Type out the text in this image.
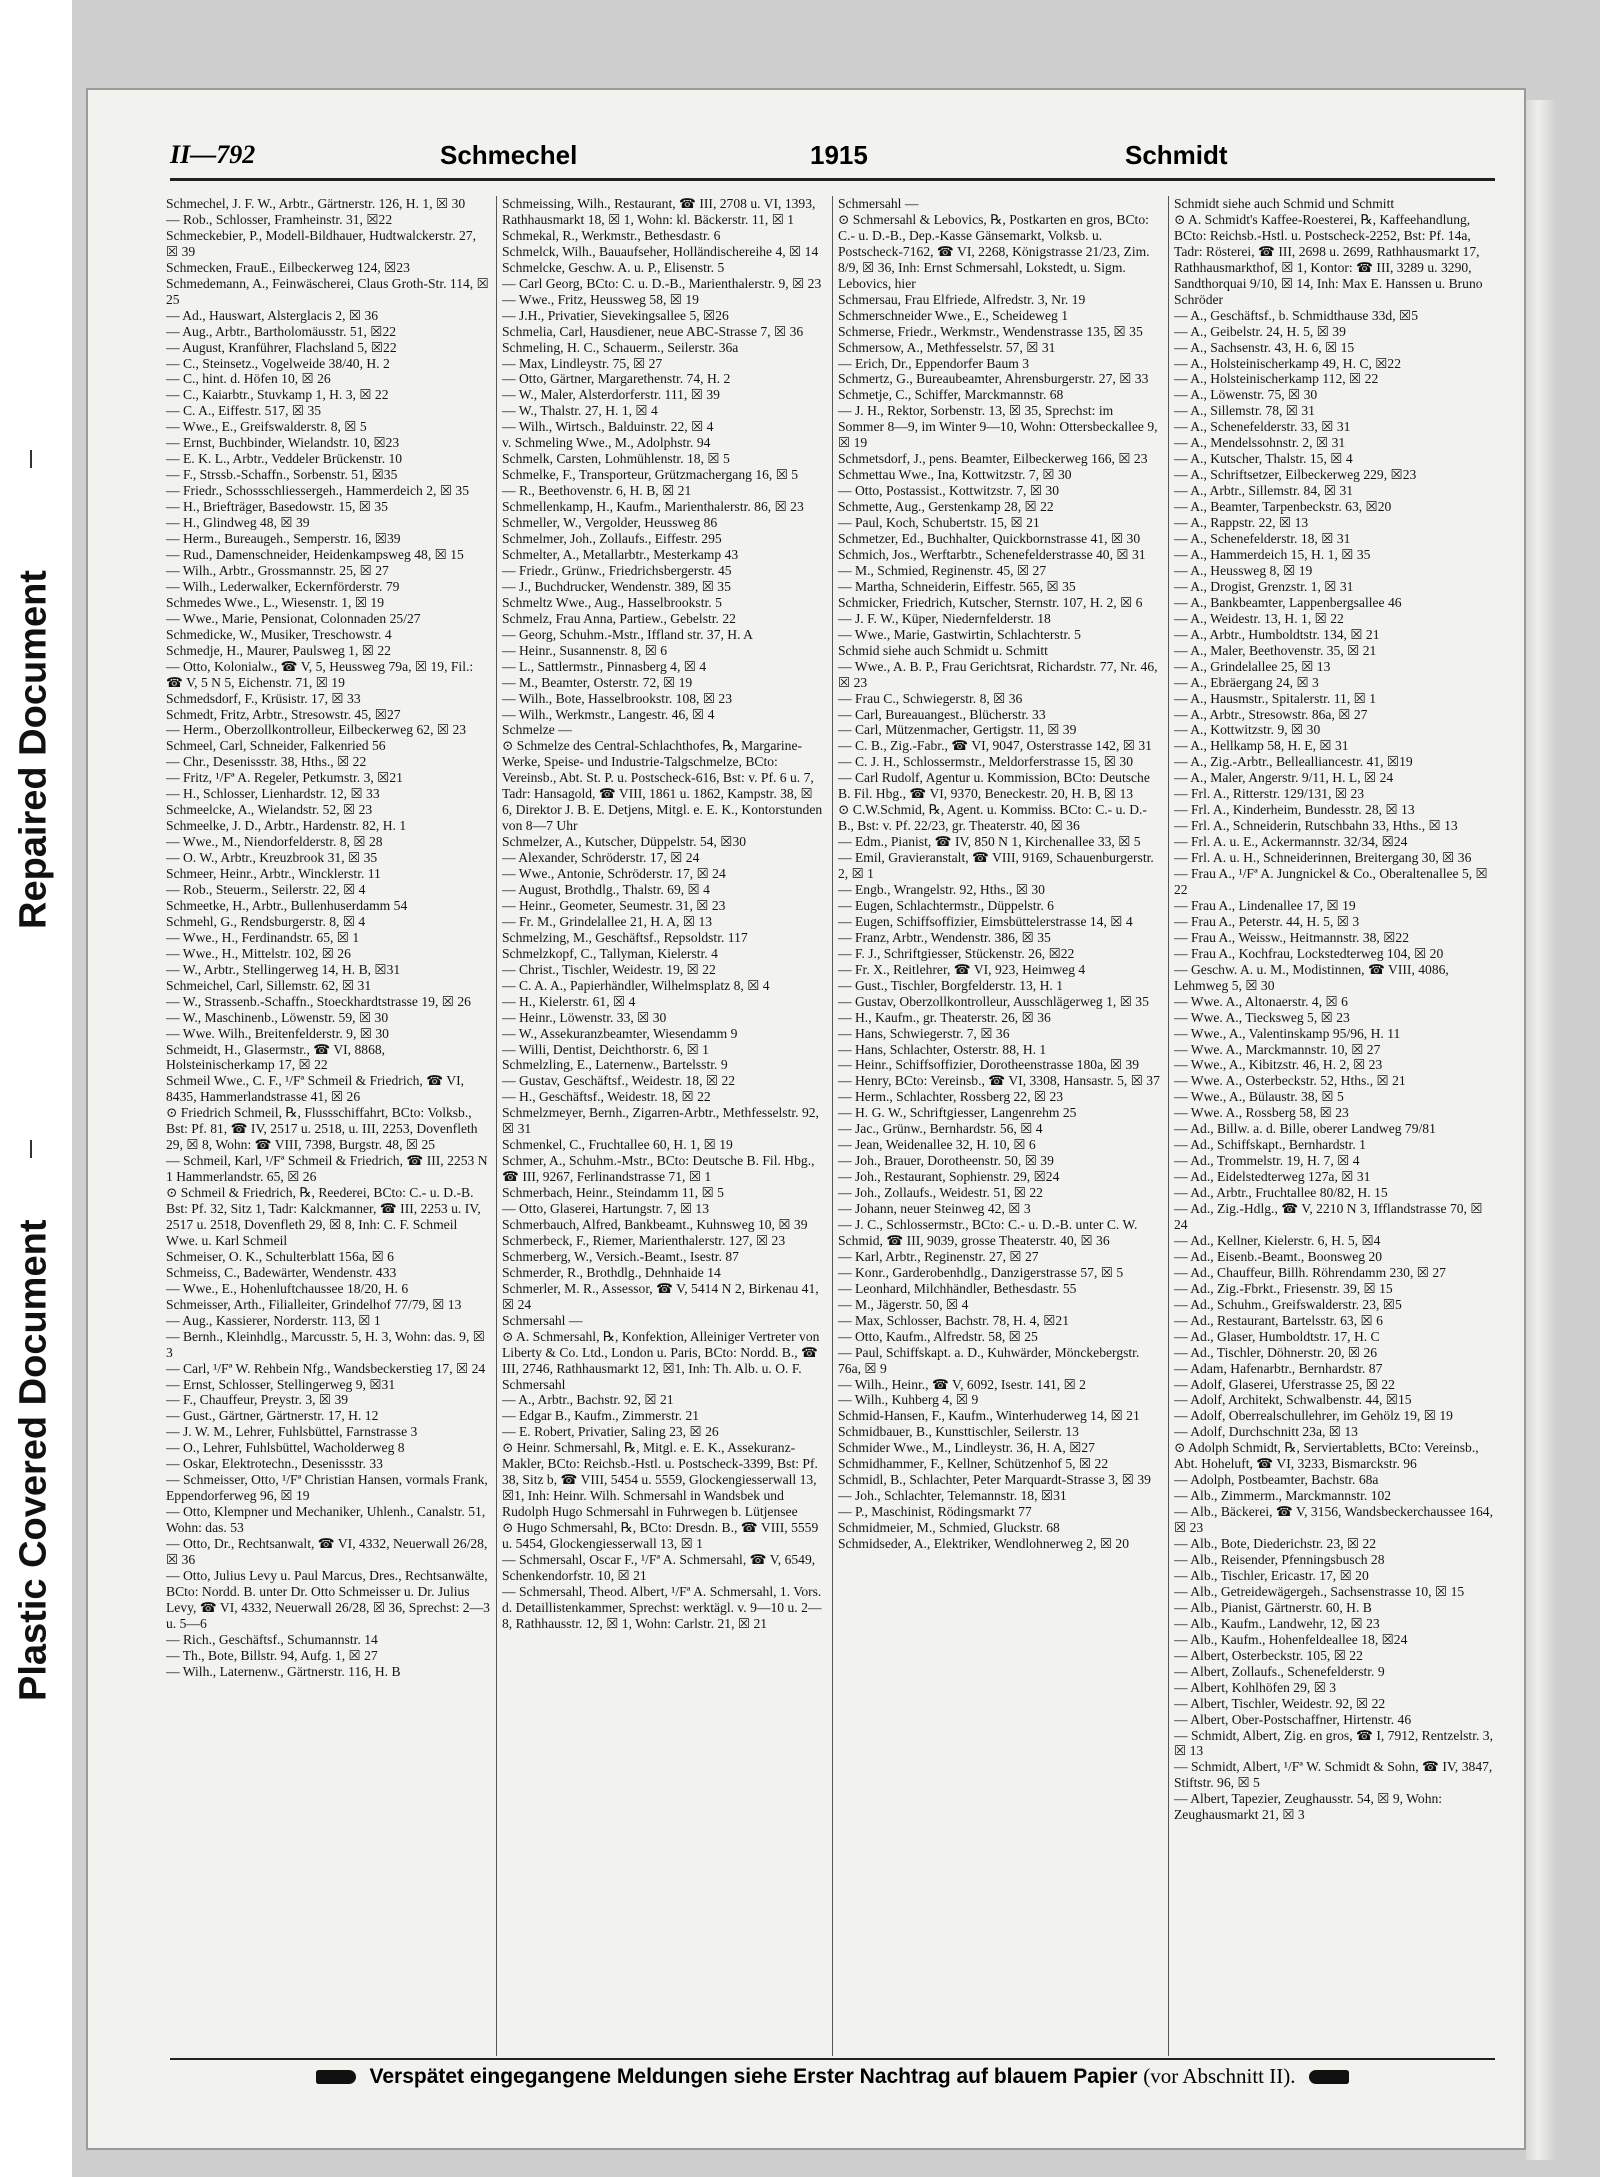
Repaired Document
Plastic Covered Document
II—792	Schmechel	1915	Schmidt

Schmechel, J. F. W., Arbtr., Gärtnerstr. 126, H. 1, ☒ 30

— Rob., Schlosser, Framheinstr. 31, ☒22

Schmeckebier, P., Modell-Bildhauer, Hudtwalckerstr. 27, ☒ 39

Schmecken, FrauE., Eilbeckerweg 124, ☒23

Schmedemann, A., Feinwäscherei, Claus Groth-Str. 114, ☒ 25

— Ad., Hauswart, Alsterglacis 2, ☒ 36

— Aug., Arbtr., Bartholomäusstr. 51, ☒22

— August, Kranführer, Flachsland 5, ☒22

— C., Steinsetz., Vogelweide 38/40, H. 2

— C., hint. d. Höfen 10, ☒ 26

— C., Kaiarbtr., Stuvkamp 1, H. 3, ☒ 22

— C. A., Eiffestr. 517, ☒ 35

— Wwe., E., Greifswalderstr. 8, ☒ 5

— Ernst, Buchbinder, Wielandstr. 10, ☒23

— E. K. L., Arbtr., Veddeler Brückenstr. 10

— F., Strssb.-Schaffn., Sorbenstr. 51, ☒35

— Friedr., Schossschliessergeh., Hammerdeich 2, ☒ 35

— H., Briefträger, Basedowstr. 15, ☒ 35

— H., Glindweg 48, ☒ 39

— Herm., Bureaugeh., Semperstr. 16, ☒39

— Rud., Damenschneider, Heidenkampsweg 48, ☒ 15

— Wilh., Arbtr., Grossmannstr. 25, ☒ 27

— Wilh., Lederwalker, Eckernförderstr. 79

Schmedes Wwe., L., Wiesenstr. 1, ☒ 19

— Wwe., Marie, Pensionat, Colonnaden 25/27

Schmedicke, W., Musiker, Treschowstr. 4

Schmedje, H., Maurer, Paulsweg 1, ☒ 22

— Otto, Kolonialw., ☎ V, 5, Heussweg 79a, ☒ 19, Fil.: ☎ V, 5 N 5, Eichenstr. 71, ☒ 19

Schmedsdorf, F., Krüsistr. 17, ☒ 33

Schmedt, Fritz, Arbtr., Stresowstr. 45, ☒27

— Herm., Oberzollkontrolleur, Eilbeckerweg 62, ☒ 23

Schmeel, Carl, Schneider, Falkenried 56

— Chr., Desenissstr. 38, Hths., ☒ 22

— Fritz, ¹/Fª A. Regeler, Petkumstr. 3, ☒21

— H., Schlosser, Lienhardstr. 12, ☒ 33

Schmeelcke, A., Wielandstr. 52, ☒ 23

Schmeelke, J. D., Arbtr., Hardenstr. 82, H. 1

— Wwe., M., Niendorfelderstr. 8, ☒ 28

— O. W., Arbtr., Kreuzbrook 31, ☒ 35

Schmeer, Heinr., Arbtr., Wincklerstr. 11

— Rob., Steuerm., Seilerstr. 22, ☒ 4

Schmeetke, H., Arbtr., Bullenhuserdamm 54

Schmehl, G., Rendsburgerstr. 8, ☒ 4

— Wwe., H., Ferdinandstr. 65, ☒ 1

— Wwe., H., Mittelstr. 102, ☒ 26

— W., Arbtr., Stellingerweg 14, H. B, ☒31

Schmeichel, Carl, Sillemstr. 62, ☒ 31

— W., Strassenb.-Schaffn., Stoeckhardtstrasse 19, ☒ 26

— W., Maschinenb., Löwenstr. 59, ☒ 30

— Wwe. Wilh., Breitenfelderstr. 9, ☒ 30

Schmeidt, H., Glasermstr., ☎ VI, 8868, Holsteinischerkamp 17, ☒ 22

Schmeil Wwe., C. F., ¹/Fª Schmeil & Friedrich, ☎ VI, 8435, Hammerlandstrasse 41, ☒ 26

⊙ Friedrich Schmeil, ℞, Flussschiffahrt, BCto: Volksb., Bst: Pf. 81, ☎ IV, 2517 u. 2518, u. III, 2253, Dovenfleth 29, ☒ 8, Wohn: ☎ VIII, 7398, Burgstr. 48, ☒ 25

— Schmeil, Karl, ¹/Fª Schmeil & Friedrich, ☎ III, 2253 N 1 Hammerlandstr. 65, ☒ 26

⊙ Schmeil & Friedrich, ℞, Reederei, BCto: C.- u. D.-B. Bst: Pf. 32, Sitz 1, Tadr: Kalckmanner, ☎ III, 2253 u. IV, 2517 u. 2518, Dovenfleth 29, ☒ 8, Inh: C. F. Schmeil Wwe. u. Karl Schmeil

Schmeiser, O. K., Schulterblatt 156a, ☒ 6

Schmeiss, C., Badewärter, Wendenstr. 433

— Wwe., E., Hohenluftchaussee 18/20, H. 6

Schmeisser, Arth., Filialleiter, Grindelhof 77/79, ☒ 13

— Aug., Kassierer, Norderstr. 113, ☒ 1

— Bernh., Kleinhdlg., Marcusstr. 5, H. 3, Wohn: das. 9, ☒ 3

— Carl, ¹/Fª W. Rehbein Nfg., Wandsbeckerstieg 17, ☒ 24

— Ernst, Schlosser, Stellingerweg 9, ☒31

— F., Chauffeur, Preystr. 3, ☒ 39

— Gust., Gärtner, Gärtnerstr. 17, H. 12

— J. W. M., Lehrer, Fuhlsbüttel, Farnstrasse 3

— O., Lehrer, Fuhlsbüttel, Wacholderweg 8

— Oskar, Elektrotechn., Desenissstr. 33

— Schmeisser, Otto, ¹/Fª Christian Hansen, vormals Frank, Eppendorferweg 96, ☒ 19

— Otto, Klempner und Mechaniker, Uhlenh., Canalstr. 51, Wohn: das. 53

— Otto, Dr., Rechtsanwalt, ☎ VI, 4332, Neuerwall 26/28, ☒ 36

— Otto, Julius Levy u. Paul Marcus, Dres., Rechtsanwälte, BCto: Nordd. B. unter Dr. Otto Schmeisser u. Dr. Julius Levy, ☎ VI, 4332, Neuerwall 26/28, ☒ 36, Sprechst: 2—3 u. 5—6

— Rich., Geschäftsf., Schumannstr. 14

— Th., Bote, Billstr. 94, Aufg. 1, ☒ 27

— Wilh., Laternenw., Gärtnerstr. 116, H. B

Schmeissing, Wilh., Restaurant, ☎ III, 2708 u. VI, 1393, Rathhausmarkt 18, ☒ 1, Wohn: kl. Bäckerstr. 11, ☒ 1

Schmekal, R., Werkmstr., Bethesdastr. 6

Schmelck, Wilh., Bauaufseher, Holländischereihe 4, ☒ 14

Schmelcke, Geschw. A. u. P., Elisenstr. 5

— Carl Georg, BCto: C. u. D.-B., Marienthalerstr. 9, ☒ 23

— Wwe., Fritz, Heussweg 58, ☒ 19

— J.H., Privatier, Sievekingsallee 5, ☒26

Schmelia, Carl, Hausdiener, neue ABC-Strasse 7, ☒ 36

Schmeling, H. C., Schauerm., Seilerstr. 36a

— Max, Lindleystr. 75, ☒ 27

— Otto, Gärtner, Margarethenstr. 74, H. 2

— W., Maler, Alsterdorferstr. 111, ☒ 39

— W., Thalstr. 27, H. 1, ☒ 4

— Wilh., Wirtsch., Balduinstr. 22, ☒ 4

v. Schmeling Wwe., M., Adolphstr. 94

Schmelk, Carsten, Lohmühlenstr. 18, ☒ 5

Schmelke, F., Transporteur, Grützmachergang 16, ☒ 5

— R., Beethovenstr. 6, H. B, ☒ 21

Schmellenkamp, H., Kaufm., Marienthalerstr. 86, ☒ 23

Schmeller, W., Vergolder, Heussweg 86

Schmelmer, Joh., Zollaufs., Eiffestr. 295

Schmelter, A., Metallarbtr., Mesterkamp 43

— Friedr., Grünw., Friedrichsbergerstr. 45

— J., Buchdrucker, Wendenstr. 389, ☒ 35

Schmeltz Wwe., Aug., Hasselbrookstr. 5

Schmelz, Frau Anna, Partiew., Gebelstr. 22

— Georg, Schuhm.-Mstr., Iffland str. 37, H. A

— Heinr., Susannenstr. 8, ☒ 6

— L., Sattlermstr., Pinnasberg 4, ☒ 4

— M., Beamter, Osterstr. 72, ☒ 19

— Wilh., Bote, Hasselbrookstr. 108, ☒ 23

— Wilh., Werkmstr., Langestr. 46, ☒ 4

Schmelze —

⊙ Schmelze des Central-Schlachthofes, ℞, Margarine-Werke, Speise- und Industrie-Talgschmelze, BCto: Vereinsb., Abt. St. P. u. Postscheck-616, Bst: v. Pf. 6 u. 7, Tadr: Hansagold, ☎ VIII, 1861 u. 1862, Kampstr. 38, ☒ 6, Direktor J. B. E. Detjens, Mitgl. e. E. K., Kontorstunden von 8—7 Uhr

Schmelzer, A., Kutscher, Düppelstr. 54, ☒30

— Alexander, Schröderstr. 17, ☒ 24

— Wwe., Antonie, Schröderstr. 17, ☒ 24

— August, Brothdlg., Thalstr. 69, ☒ 4

— Heinr., Geometer, Seumestr. 31, ☒ 23

— Fr. M., Grindelallee 21, H. A, ☒ 13

Schmelzing, M., Geschäftsf., Repsoldstr. 117

Schmelzkopf, C., Tallyman, Kielerstr. 4

— Christ., Tischler, Weidestr. 19, ☒ 22

— C. A. A., Papierhändler, Wilhelmsplatz 8, ☒ 4

— H., Kielerstr. 61, ☒ 4

— Heinr., Löwenstr. 33, ☒ 30

— W., Assekuranzbeamter, Wiesendamm 9

— Willi, Dentist, Deichthorstr. 6, ☒ 1

Schmelzling, E., Laternenw., Bartelsstr. 9

— Gustav, Geschäftsf., Weidestr. 18, ☒ 22

— H., Geschäftsf., Weidestr. 18, ☒ 22

Schmelzmeyer, Bernh., Zigarren-Arbtr., Methfesselstr. 92, ☒ 31

Schmenkel, C., Fruchtallee 60, H. 1, ☒ 19

Schmer, A., Schuhm.-Mstr., BCto: Deutsche B. Fil. Hbg., ☎ III, 9267, Ferlinandstrasse 71, ☒ 1

Schmerbach, Heinr., Steindamm 11, ☒ 5

— Otto, Glaserei, Hartungstr. 7, ☒ 13

Schmerbauch, Alfred, Bankbeamt., Kuhnsweg 10, ☒ 39

Schmerbeck, F., Riemer, Marienthalerstr. 127, ☒ 23

Schmerberg, W., Versich.-Beamt., Isestr. 87

Schmerder, R., Brothdlg., Dehnhaide 14

Schmerler, M. R., Assessor, ☎ V, 5414 N 2, Birkenau 41, ☒ 24

Schmersahl —

⊙ A. Schmersahl, ℞, Konfektion, Alleiniger Vertreter von Liberty & Co. Ltd., London u. Paris, BCto: Nordd. B., ☎ III, 2746, Rathhausmarkt 12, ☒1, Inh: Th. Alb. u. O. F. Schmersahl

— A., Arbtr., Bachstr. 92, ☒ 21

— Edgar B., Kaufm., Zimmerstr. 21

— E. Robert, Privatier, Saling 23, ☒ 26

⊙ Heinr. Schmersahl, ℞, Mitgl. e. E. K., Assekuranz-Makler, BCto: Reichsb.-Hstl. u. Postscheck-3399, Bst: Pf. 38, Sitz b, ☎ VIII, 5454 u. 5559, Glockengiesserwall 13, ☒1, Inh: Heinr. Wilh. Schmersahl in Wandsbek und Rudolph Hugo Schmersahl in Fuhrwegen b. Lütjensee

⊙ Hugo Schmersahl, ℞, BCto: Dresdn. B., ☎ VIII, 5559 u. 5454, Glockengiesserwall 13, ☒ 1

— Schmersahl, Oscar F., ¹/Fª A. Schmersahl, ☎ V, 6549, Schenkendorfstr. 10, ☒ 21

— Schmersahl, Theod. Albert, ¹/Fª A. Schmersahl, 1. Vors. d. Detaillistenkammer, Sprechst: werktägl. v. 9—10 u. 2—8, Rathhausstr. 12, ☒ 1, Wohn: Carlstr. 21, ☒ 21

Schmersahl —

⊙ Schmersahl & Lebovics, ℞, Postkarten en gros, BCto: C.- u. D.-B., Dep.-Kasse Gänsemarkt, Volksb. u. Postscheck-7162, ☎ VI, 2268, Königstrasse 21/23, Zim. 8/9, ☒ 36, Inh: Ernst Schmersahl, Lokstedt, u. Sigm. Lebovics, hier

Schmersau, Frau Elfriede, Alfredstr. 3, Nr. 19

Schmerschneider Wwe., E., Scheideweg 1

Schmerse, Friedr., Werkmstr., Wendenstrasse 135, ☒ 35

Schmersow, A., Methfesselstr. 57, ☒ 31

— Erich, Dr., Eppendorfer Baum 3

Schmertz, G., Bureaubeamter, Ahrensburgerstr. 27, ☒ 33

Schmetje, C., Schiffer, Marckmannstr. 68

— J. H., Rektor, Sorbenstr. 13, ☒ 35, Sprechst: im Sommer 8—9, im Winter 9—10, Wohn: Ottersbeckallee 9, ☒ 19

Schmetsdorf, J., pens. Beamter, Eilbeckerweg 166, ☒ 23

Schmettau Wwe., Ina, Kottwitzstr. 7, ☒ 30

— Otto, Postassist., Kottwitzstr. 7, ☒ 30

Schmette, Aug., Gerstenkamp 28, ☒ 22

— Paul, Koch, Schubertstr. 15, ☒ 21

Schmetzer, Ed., Buchhalter, Quickbornstrasse 41, ☒ 30

Schmich, Jos., Werftarbtr., Schenefelderstrasse 40, ☒ 31

— M., Schmied, Reginenstr. 45, ☒ 27

— Martha, Schneiderin, Eiffestr. 565, ☒ 35

Schmicker, Friedrich, Kutscher, Sternstr. 107, H. 2, ☒ 6

— J. F. W., Küper, Niedernfelderstr. 18

— Wwe., Marie, Gastwirtin, Schlachterstr. 5

Schmid siehe auch Schmidt u. Schmitt

— Wwe., A. B. P., Frau Gerichtsrat, Richardstr. 77, Nr. 46, ☒ 23

— Frau C., Schwiegerstr. 8, ☒ 36

— Carl, Bureauangest., Blücherstr. 33

— Carl, Mützenmacher, Gertigstr. 11, ☒ 39

— C. B., Zig.-Fabr., ☎ VI, 9047, Osterstrasse 142, ☒ 31

— C. J. H., Schlossermstr., Meldorferstrasse 15, ☒ 30

— Carl Rudolf, Agentur u. Kommission, BCto: Deutsche B. Fil. Hbg., ☎ VI, 9370, Beneckestr. 20, H. B, ☒ 13

⊙ C.W.Schmid, ℞, Agent. u. Kommiss. BCto: C.- u. D.-B., Bst: v. Pf. 22/23, gr. Theaterstr. 40, ☒ 36

— Edm., Pianist, ☎ IV, 850 N 1, Kirchenallee 33, ☒ 5

— Emil, Gravieranstalt, ☎ VIII, 9169, Schauenburgerstr. 2, ☒ 1

— Engb., Wrangelstr. 92, Hths., ☒ 30

— Eugen, Schlachtermstr., Düppelstr. 6

— Eugen, Schiffsoffizier, Eimsbüttelerstrasse 14, ☒ 4

— Franz, Arbtr., Wendenstr. 386, ☒ 35

— F. J., Schriftgiesser, Stückenstr. 26, ☒22

— Fr. X., Reitlehrer, ☎ VI, 923, Heimweg 4

— Gust., Tischler, Borgfelderstr. 13, H. 1

— Gustav, Oberzollkontrolleur, Ausschlägerweg 1, ☒ 35

— H., Kaufm., gr. Theaterstr. 26, ☒ 36

— Hans, Schwiegerstr. 7, ☒ 36

— Hans, Schlachter, Osterstr. 88, H. 1

— Heinr., Schiffsoffizier, Dorotheenstrasse 180a, ☒ 39

— Henry, BCto: Vereinsb., ☎ VI, 3308, Hansastr. 5, ☒ 37

— Herm., Schlachter, Rossberg 22, ☒ 23

— H. G. W., Schriftgiesser, Langenrehm 25

— Jac., Grünw., Bernhardstr. 56, ☒ 4

— Jean, Weidenallee 32, H. 10, ☒ 6

— Joh., Brauer, Dorotheenstr. 50, ☒ 39

— Joh., Restaurant, Sophienstr. 29, ☒24

— Joh., Zollaufs., Weidestr. 51, ☒ 22

— Johann, neuer Steinweg 42, ☒ 3

— J. C., Schlossermstr., BCto: C.- u. D.-B. unter C. W. Schmid, ☎ III, 9039, grosse Theaterstr. 40, ☒ 36

— Karl, Arbtr., Reginenstr. 27, ☒ 27

— Konr., Garderobenhdlg., Danzigerstrasse 57, ☒ 5

— Leonhard, Milchhändler, Bethesdastr. 55

— M., Jägerstr. 50, ☒ 4

— Max, Schlosser, Bachstr. 78, H. 4, ☒21

— Otto, Kaufm., Alfredstr. 58, ☒ 25

— Paul, Schiffskapt. a. D., Kuhwärder, Mönckebergstr. 76a, ☒ 9

— Wilh., Heinr., ☎ V, 6092, Isestr. 141, ☒ 2

— Wilh., Kuhberg 4, ☒ 9

Schmid-Hansen, F., Kaufm., Winterhuderweg 14, ☒ 21

Schmidbauer, B., Kunsttischler, Seilerstr. 13

Schmider Wwe., M., Lindleystr. 36, H. A, ☒27

Schmidhammer, F., Kellner, Schützenhof 5, ☒ 22

Schmidl, B., Schlachter, Peter Marquardt-Strasse 3, ☒ 39

— Joh., Schlachter, Telemannstr. 18, ☒31

— P., Maschinist, Rödingsmarkt 77

Schmidmeier, M., Schmied, Gluckstr. 68

Schmidseder, A., Elektriker, Wendlohnerweg 2, ☒ 20

Schmidt siehe auch Schmid und Schmitt

⊙ A. Schmidt's Kaffee-Roesterei, ℞, Kaffeehandlung, BCto: Reichsb.-Hstl. u. Postscheck-2252, Bst: Pf. 14a, Tadr: Rösterei, ☎ III, 2698 u. 2699, Rathhausmarkt 17, Rathhausmarkthof, ☒ 1, Kontor: ☎ III, 3289 u. 3290, Sandthorquai 9/10, ☒ 14, Inh: Max E. Hanssen u. Bruno Schröder

— A., Geschäftsf., b. Schmidthause 33d, ☒5

— A., Geibelstr. 24, H. 5, ☒ 39

— A., Sachsenstr. 43, H. 6, ☒ 15

— A., Holsteinischerkamp 49, H. C, ☒22

— A., Holsteinischerkamp 112, ☒ 22

— A., Löwenstr. 75, ☒ 30

— A., Sillemstr. 78, ☒ 31

— A., Schenefelderstr. 33, ☒ 31

— A., Mendelssohnstr. 2, ☒ 31

— A., Kutscher, Thalstr. 15, ☒ 4

— A., Schriftsetzer, Eilbeckerweg 229, ☒23

— A., Arbtr., Sillemstr. 84, ☒ 31

— A., Beamter, Tarpenbeckstr. 63, ☒20

— A., Rappstr. 22, ☒ 13

— A., Schenefelderstr. 18, ☒ 31

— A., Hammerdeich 15, H. 1, ☒ 35

— A., Heussweg 8, ☒ 19

— A., Drogist, Grenzstr. 1, ☒ 31

— A., Bankbeamter, Lappenbergsallee 46

— A., Weidestr. 13, H. 1, ☒ 22

— A., Arbtr., Humboldtstr. 134, ☒ 21

— A., Maler, Beethovenstr. 35, ☒ 21

— A., Grindelallee 25, ☒ 13

— A., Ebräergang 24, ☒ 3

— A., Hausmstr., Spitalerstr. 11, ☒ 1

— A., Arbtr., Stresowstr. 86a, ☒ 27

— A., Kottwitzstr. 9, ☒ 30

— A., Hellkamp 58, H. E, ☒ 31

— A., Zig.-Arbtr., Bellealliancestr. 41, ☒19

— A., Maler, Angerstr. 9/11, H. L, ☒ 24

— Frl. A., Ritterstr. 129/131, ☒ 23

— Frl. A., Kinderheim, Bundesstr. 28, ☒ 13

— Frl. A., Schneiderin, Rutschbahn 33, Hths., ☒ 13

— Frl. A. u. E., Ackermannstr. 32/34, ☒24

— Frl. A. u. H., Schneiderinnen, Breitergang 30, ☒ 36

— Frau A., ¹/Fª A. Jungnickel & Co., Oberaltenallee 5, ☒ 22

— Frau A., Lindenallee 17, ☒ 19

— Frau A., Peterstr. 44, H. 5, ☒ 3

— Frau A., Weissw., Heitmannstr. 38, ☒22

— Frau A., Kochfrau, Lockstedterweg 104, ☒ 20

— Geschw. A. u. M., Modistinnen, ☎ VIII, 4086, Lehmweg 5, ☒ 30

— Wwe. A., Altonaerstr. 4, ☒ 6

— Wwe. A., Tiecksweg 5, ☒ 23

— Wwe., A., Valentinskamp 95/96, H. 11

— Wwe. A., Marckmannstr. 10, ☒ 27

— Wwe., A., Kibitzstr. 46, H. 2, ☒ 23

— Wwe. A., Osterbeckstr. 52, Hths., ☒ 21

— Wwe., A., Bülaustr. 38, ☒ 5

— Wwe. A., Rossberg 58, ☒ 23

— Ad., Billw. a. d. Bille, oberer Landweg 79/81

— Ad., Schiffskapt., Bernhardstr. 1

— Ad., Trommelstr. 19, H. 7, ☒ 4

— Ad., Eidelstedterweg 127a, ☒ 31

— Ad., Arbtr., Fruchtallee 80/82, H. 15

— Ad., Zig.-Hdlg., ☎ V, 2210 N 3, Ifflandstrasse 70, ☒ 24

— Ad., Kellner, Kielerstr. 6, H. 5, ☒4

— Ad., Eisenb.-Beamt., Boonsweg 20

— Ad., Chauffeur, Billh. Röhrendamm 230, ☒ 27

— Ad., Zig.-Fbrkt., Friesenstr. 39, ☒ 15

— Ad., Schuhm., Greifswalderstr. 23, ☒5

— Ad., Restaurant, Bartelsstr. 63, ☒ 6

— Ad., Glaser, Humboldtstr. 17, H. C

— Ad., Tischler, Döhnerstr. 20, ☒ 26

— Adam, Hafenarbtr., Bernhardstr. 87

— Adolf, Glaserei, Uferstrasse 25, ☒ 22

— Adolf, Architekt, Schwalbenstr. 44, ☒15

— Adolf, Oberrealschullehrer, im Gehölz 19, ☒ 19

— Adolf, Durchschnitt 23a, ☒ 13

⊙ Adolph Schmidt, ℞, Serviertabletts, BCto: Vereinsb., Abt. Hoheluft, ☎ VI, 3233, Bismarckstr. 96

— Adolph, Postbeamter, Bachstr. 68a

— Alb., Zimmerm., Marckmannstr. 102

— Alb., Bäckerei, ☎ V, 3156, Wandsbeckerchaussee 164, ☒ 23

— Alb., Bote, Diederichstr. 23, ☒ 22

— Alb., Reisender, Pfenningsbusch 28

— Alb., Tischler, Ericastr. 17, ☒ 20

— Alb., Getreidewägergeh., Sachsenstrasse 10, ☒ 15

— Alb., Pianist, Gärtnerstr. 60, H. B

— Alb., Kaufm., Landwehr, 12, ☒ 23

— Alb., Kaufm., Hohenfeldeallee 18, ☒24

— Albert, Osterbeckstr. 105, ☒ 22

— Albert, Zollaufs., Schenefelderstr. 9

— Albert, Kohlhöfen 29, ☒ 3

— Albert, Tischler, Weidestr. 92, ☒ 22

— Albert, Ober-Postschaffner, Hirtenstr. 46

— Schmidt, Albert, Zig. en gros, ☎ I, 7912, Rentzelstr. 3, ☒ 13

— Schmidt, Albert, ¹/Fª W. Schmidt & Sohn, ☎ IV, 3847, Stiftstr. 96, ☒ 5

— Albert, Tapezier, Zeughausstr. 54, ☒ 9, Wohn: Zeughausmarkt 21, ☒ 3

Verspätet eingegangene Meldungen siehe Erster Nachtrag auf blauem Papier (vor Abschnitt II).
